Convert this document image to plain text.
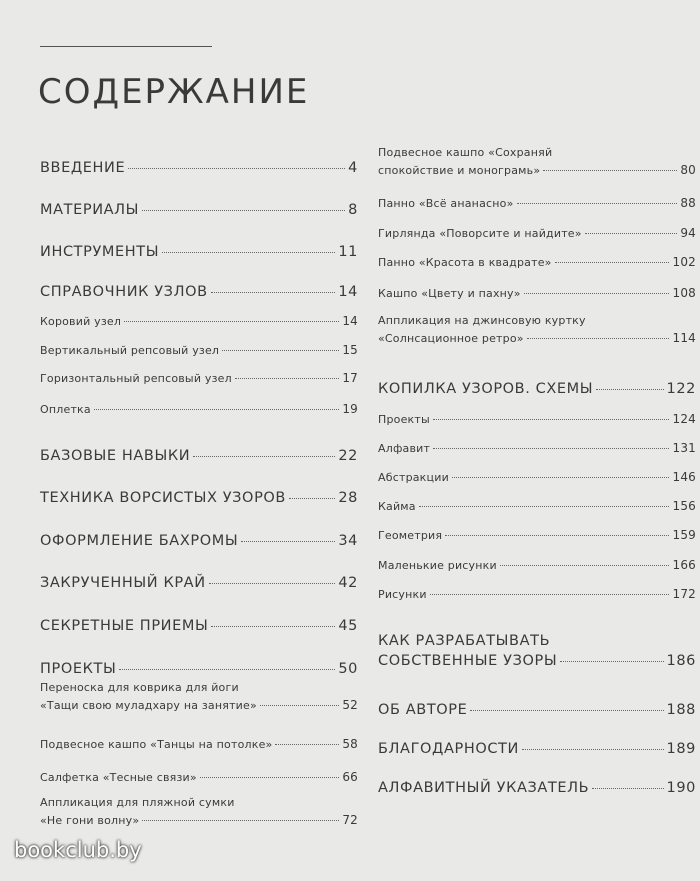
СОДЕРЖАНИЕ
ВВЕДЕНИЕ	4
МАТЕРИАЛЫ	8
ИНСТРУМЕНТЫ	11
СПРАВОЧНИК УЗЛОВ	14
Коровий узел	14
Вертикальный репсовый узел	15
Горизонтальный репсовый узел	17
Оплетка	19
БАЗОВЫЕ НАВЫКИ	22
ТЕХНИКА ВОРСИСТЫХ УЗОРОВ	28
ОФОРМЛЕНИЕ БАХРОМЫ	34
ЗАКРУЧЕННЫЙ КРАЙ	42
СЕКРЕТНЫЕ ПРИЕМЫ	45
ПРОЕКТЫ	50
Переноска для коврика для йоги
«Тащи свою муладхару на занятие»	52
Подвесное кашпо «Танцы на потолке»	58
Салфетка «Тесные связи»	66
Аппликация для пляжной сумки
«Не гони волну»	72
Подвесное кашпо «Сохраняй
спокойствие и монограмь»	80
Панно «Всё ананасно»	88
Гирлянда «Поворсите и найдите»	94
Панно «Красота в квадрате»	102
Кашпо «Цвету и пахну»	108
Аппликация на джинсовую куртку
«Солнсационное ретро»	114
КОПИЛКА УЗОРОВ. СХЕМЫ	122
Проекты	124
Алфавит	131
Абстракции	146
Кайма	156
Геометрия	159
Маленькие рисунки	166
Рисунки	172
КАК РАЗРАБАТЫВАТЬ
СОБСТВЕННЫЕ УЗОРЫ	186
ОБ АВТОРЕ	188
БЛАГОДАРНОСТИ	189
АЛФАВИТНЫЙ УКАЗАТЕЛЬ	190
bookclub.by
